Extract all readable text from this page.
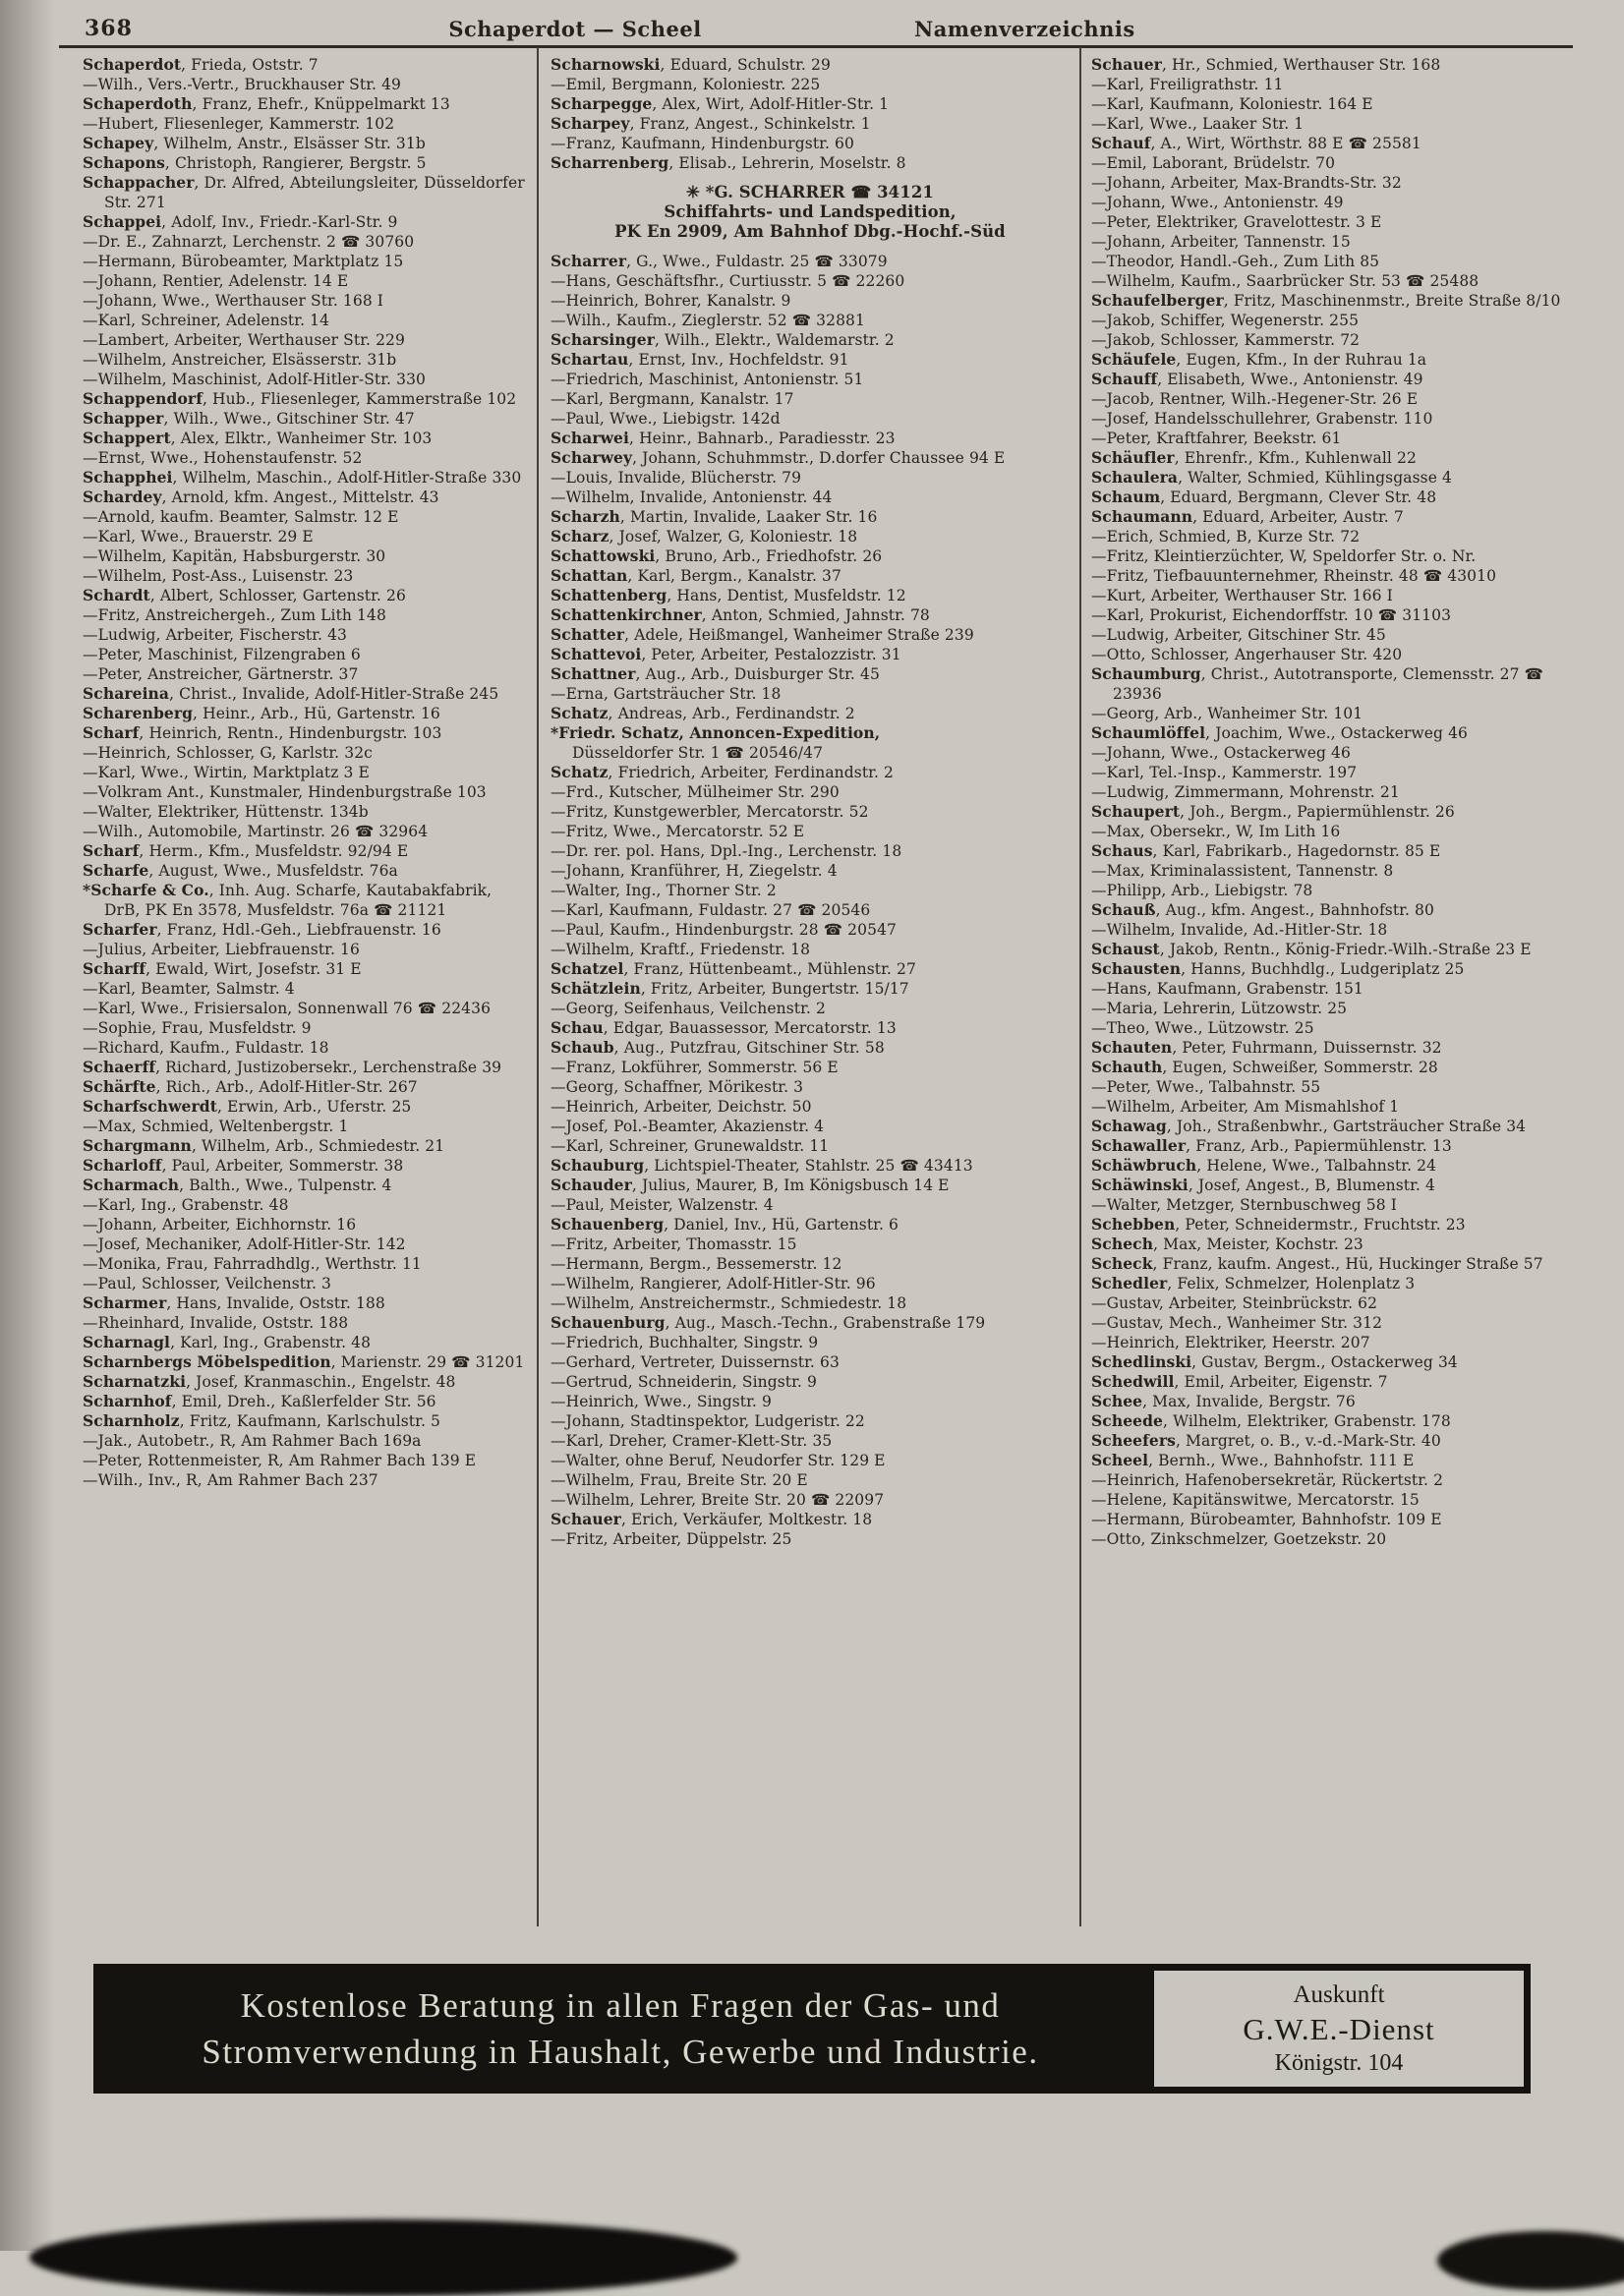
368	Schaperdot — Scheel	Namenverzeichnis
Schaperdot, Frieda, Oststr. 7
—Wilh., Vers.-Vertr., Bruckhauser Str. 49
Schaperdoth, Franz, Ehefr., Knüppelmarkt 13
—Hubert, Fliesenleger, Kammerstr. 102
Schapey, Wilhelm, Anstr., Elsässer Str. 31b
Schapons, Christoph, Rangierer, Bergstr. 5
Schappacher, Dr. Alfred, Abteilungsleiter, Düsseldorfer Str. 271
Schappei, Adolf, Inv., Friedr.-Karl-Str. 9
—Dr. E., Zahnarzt, Lerchenstr. 2 ☎ 30760
—Hermann, Bürobeamter, Marktplatz 15
—Johann, Rentier, Adelenstr. 14 E
—Johann, Wwe., Werthauser Str. 168 I
—Karl, Schreiner, Adelenstr. 14
—Lambert, Arbeiter, Werthauser Str. 229
—Wilhelm, Anstreicher, Elsässerstr. 31b
—Wilhelm, Maschinist, Adolf-Hitler-Str. 330
Schappendorf, Hub., Fliesenleger, Kammerstraße 102
Schapper, Wilh., Wwe., Gitschiner Str. 47
Schappert, Alex, Elktr., Wanheimer Str. 103
—Ernst, Wwe., Hohenstaufenstr. 52
Schapphei, Wilhelm, Maschin., Adolf-Hitler-Straße 330
Schardey, Arnold, kfm. Angest., Mittelstr. 43
—Arnold, kaufm. Beamter, Salmstr. 12 E
—Karl, Wwe., Brauerstr. 29 E
—Wilhelm, Kapitän, Habsburgerstr. 30
—Wilhelm, Post-Ass., Luisenstr. 23
Schardt, Albert, Schlosser, Gartenstr. 26
—Fritz, Anstreichergeh., Zum Lith 148
—Ludwig, Arbeiter, Fischerstr. 43
—Peter, Maschinist, Filzengraben 6
—Peter, Anstreicher, Gärtnerstr. 37
Schareina, Christ., Invalide, Adolf-Hitler-Straße 245
Scharenberg, Heinr., Arb., Hü, Gartenstr. 16
Scharf, Heinrich, Rentn., Hindenburgstr. 103
—Heinrich, Schlosser, G, Karlstr. 32c
—Karl, Wwe., Wirtin, Marktplatz 3 E
—Volkram Ant., Kunstmaler, Hindenburgstraße 103
—Walter, Elektriker, Hüttenstr. 134b
—Wilh., Automobile, Martinstr. 26 ☎ 32964
Scharf, Herm., Kfm., Musfeldstr. 92/94 E
Scharfe, August, Wwe., Musfeldstr. 76a
*Scharfe & Co., Inh. Aug. Scharfe, Kautabakfabrik, DrB, PK En 3578, Musfeldstr. 76a ☎ 21121
Scharfer, Franz, Hdl.-Geh., Liebfrauenstr. 16
—Julius, Arbeiter, Liebfrauenstr. 16
Scharff, Ewald, Wirt, Josefstr. 31 E
—Karl, Beamter, Salmstr. 4
—Karl, Wwe., Frisiersalon, Sonnenwall 76 ☎ 22436
—Sophie, Frau, Musfeldstr. 9
—Richard, Kaufm., Fuldastr. 18
Schaerff, Richard, Justizobersekr., Lerchenstraße 39
Schärfte, Rich., Arb., Adolf-Hitler-Str. 267
Scharfschwerdt, Erwin, Arb., Uferstr. 25
—Max, Schmied, Weltenbergstr. 1
Schargmann, Wilhelm, Arb., Schmiedestr. 21
Scharloff, Paul, Arbeiter, Sommerstr. 38
Scharmach, Balth., Wwe., Tulpenstr. 4
—Karl, Ing., Grabenstr. 48
—Johann, Arbeiter, Eichhornstr. 16
—Josef, Mechaniker, Adolf-Hitler-Str. 142
—Monika, Frau, Fahrradhdlg., Werthstr. 11
—Paul, Schlosser, Veilchenstr. 3
Scharmer, Hans, Invalide, Oststr. 188
—Rheinhard, Invalide, Oststr. 188
Scharnagl, Karl, Ing., Grabenstr. 48
Scharnbergs Möbelspedition, Marienstr. 29 ☎ 31201
Scharnatzki, Josef, Kranmaschin., Engelstr. 48
Scharnhof, Emil, Dreh., Kaßlerfelder Str. 56
Scharnholz, Fritz, Kaufmann, Karlschulstr. 5
—Jak., Autobetr., R, Am Rahmer Bach 169a
—Peter, Rottenmeister, R, Am Rahmer Bach 139 E
—Wilh., Inv., R, Am Rahmer Bach 237
Scharnowski, Eduard, Schulstr. 29
—Emil, Bergmann, Koloniestr. 225
Scharpegge, Alex, Wirt, Adolf-Hitler-Str. 1
Scharpey, Franz, Angest., Schinkelstr. 1
—Franz, Kaufmann, Hindenburgstr. 60
Scharrenberg, Elisab., Lehrerin, Moselstr. 8
✳ *G. SCHARRER ☎ 34121
Schiffahrts- und Landspedition,
PK En 2909, Am Bahnhof Dbg.-Hochf.-Süd
Scharrer, G., Wwe., Fuldastr. 25 ☎ 33079
—Hans, Geschäftsfhr., Curtiusstr. 5 ☎ 22260
—Heinrich, Bohrer, Kanalstr. 9
—Wilh., Kaufm., Zieglerstr. 52 ☎ 32881
Scharsinger, Wilh., Elektr., Waldemarstr. 2
Schartau, Ernst, Inv., Hochfeldstr. 91
—Friedrich, Maschinist, Antonienstr. 51
—Karl, Bergmann, Kanalstr. 17
—Paul, Wwe., Liebigstr. 142d
Scharwei, Heinr., Bahnarb., Paradiesstr. 23
Scharwey, Johann, Schuhmmstr., D.dorfer Chaussee 94 E
—Louis, Invalide, Blücherstr. 79
—Wilhelm, Invalide, Antonienstr. 44
Scharzh, Martin, Invalide, Laaker Str. 16
Scharz, Josef, Walzer, G, Koloniestr. 18
Schattowski, Bruno, Arb., Friedhofstr. 26
Schattan, Karl, Bergm., Kanalstr. 37
Schattenberg, Hans, Dentist, Musfeldstr. 12
Schattenkirchner, Anton, Schmied, Jahnstr. 78
Schatter, Adele, Heißmangel, Wanheimer Straße 239
Schattevoi, Peter, Arbeiter, Pestalozzistr. 31
Schattner, Aug., Arb., Duisburger Str. 45
—Erna, Gartsträucher Str. 18
Schatz, Andreas, Arb., Ferdinandstr. 2
*Friedr. Schatz, Annoncen-Expedition,
Düsseldorfer Str. 1 ☎ 20546/47
Schatz, Friedrich, Arbeiter, Ferdinandstr. 2
—Frd., Kutscher, Mülheimer Str. 290
—Fritz, Kunstgewerbler, Mercatorstr. 52
—Fritz, Wwe., Mercatorstr. 52 E
—Dr. rer. pol. Hans, Dpl.-Ing., Lerchenstr. 18
—Johann, Kranführer, H, Ziegelstr. 4
—Walter, Ing., Thorner Str. 2
—Karl, Kaufmann, Fuldastr. 27 ☎ 20546
—Paul, Kaufm., Hindenburgstr. 28 ☎ 20547
—Wilhelm, Kraftf., Friedenstr. 18
Schatzel, Franz, Hüttenbeamt., Mühlenstr. 27
Schätzlein, Fritz, Arbeiter, Bungertstr. 15/17
—Georg, Seifenhaus, Veilchenstr. 2
Schau, Edgar, Bauassessor, Mercatorstr. 13
Schaub, Aug., Putzfrau, Gitschiner Str. 58
—Franz, Lokführer, Sommerstr. 56 E
—Georg, Schaffner, Mörikestr. 3
—Heinrich, Arbeiter, Deichstr. 50
—Josef, Pol.-Beamter, Akazienstr. 4
—Karl, Schreiner, Grunewaldstr. 11
Schauburg, Lichtspiel-Theater, Stahlstr. 25 ☎ 43413
Schauder, Julius, Maurer, B, Im Königsbusch 14 E
—Paul, Meister, Walzenstr. 4
Schauenberg, Daniel, Inv., Hü, Gartenstr. 6
—Fritz, Arbeiter, Thomasstr. 15
—Hermann, Bergm., Bessemerstr. 12
—Wilhelm, Rangierer, Adolf-Hitler-Str. 96
—Wilhelm, Anstreichermstr., Schmiedestr. 18
Schauenburg, Aug., Masch.-Techn., Grabenstraße 179
—Friedrich, Buchhalter, Singstr. 9
—Gerhard, Vertreter, Duissernstr. 63
—Gertrud, Schneiderin, Singstr. 9
—Heinrich, Wwe., Singstr. 9
—Johann, Stadtinspektor, Ludgeristr. 22
—Karl, Dreher, Cramer-Klett-Str. 35
—Walter, ohne Beruf, Neudorfer Str. 129 E
—Wilhelm, Frau, Breite Str. 20 E
—Wilhelm, Lehrer, Breite Str. 20 ☎ 22097
Schauer, Erich, Verkäufer, Moltkestr. 18
—Fritz, Arbeiter, Düppelstr. 25
Schauer, Hr., Schmied, Werthauser Str. 168
—Karl, Freiligrathstr. 11
—Karl, Kaufmann, Koloniestr. 164 E
—Karl, Wwe., Laaker Str. 1
Schauf, A., Wirt, Wörthstr. 88 E ☎ 25581
—Emil, Laborant, Brüdelstr. 70
—Johann, Arbeiter, Max-Brandts-Str. 32
—Johann, Wwe., Antonienstr. 49
—Peter, Elektriker, Gravelottestr. 3 E
—Johann, Arbeiter, Tannenstr. 15
—Theodor, Handl.-Geh., Zum Lith 85
—Wilhelm, Kaufm., Saarbrücker Str. 53 ☎ 25488
Schaufelberger, Fritz, Maschinenmstr., Breite Straße 8/10
—Jakob, Schiffer, Wegenerstr. 255
—Jakob, Schlosser, Kammerstr. 72
Schäufele, Eugen, Kfm., In der Ruhrau 1a
Schauff, Elisabeth, Wwe., Antonienstr. 49
—Jacob, Rentner, Wilh.-Hegener-Str. 26 E
—Josef, Handelsschullehrer, Grabenstr. 110
—Peter, Kraftfahrer, Beekstr. 61
Schäufler, Ehrenfr., Kfm., Kuhlenwall 22
Schaulera, Walter, Schmied, Kühlingsgasse 4
Schaum, Eduard, Bergmann, Clever Str. 48
Schaumann, Eduard, Arbeiter, Austr. 7
—Erich, Schmied, B, Kurze Str. 72
—Fritz, Kleintierzüchter, W, Speldorfer Str. o. Nr.
—Fritz, Tiefbauunternehmer, Rheinstr. 48 ☎ 43010
—Kurt, Arbeiter, Werthauser Str. 166 I
—Karl, Prokurist, Eichendorffstr. 10 ☎ 31103
—Ludwig, Arbeiter, Gitschiner Str. 45
—Otto, Schlosser, Angerhauser Str. 420
Schaumburg, Christ., Autotransporte, Clemensstr. 27 ☎ 23936
—Georg, Arb., Wanheimer Str. 101
Schaumlöffel, Joachim, Wwe., Ostackerweg 46
—Johann, Wwe., Ostackerweg 46
—Karl, Tel.-Insp., Kammerstr. 197
—Ludwig, Zimmermann, Mohrenstr. 21
Schaupert, Joh., Bergm., Papiermühlenstr. 26
—Max, Obersekr., W, Im Lith 16
Schaus, Karl, Fabrikarb., Hagedornstr. 85 E
—Max, Kriminalassistent, Tannenstr. 8
—Philipp, Arb., Liebigstr. 78
Schauß, Aug., kfm. Angest., Bahnhofstr. 80
—Wilhelm, Invalide, Ad.-Hitler-Str. 18
Schaust, Jakob, Rentn., König-Friedr.-Wilh.-Straße 23 E
Schausten, Hanns, Buchhdlg., Ludgeriplatz 25
—Hans, Kaufmann, Grabenstr. 151
—Maria, Lehrerin, Lützowstr. 25
—Theo, Wwe., Lützowstr. 25
Schauten, Peter, Fuhrmann, Duissernstr. 32
Schauth, Eugen, Schweißer, Sommerstr. 28
—Peter, Wwe., Talbahnstr. 55
—Wilhelm, Arbeiter, Am Mismahlshof 1
Schawag, Joh., Straßenbwhr., Gartsträucher Straße 34
Schawaller, Franz, Arb., Papiermühlenstr. 13
Schäwbruch, Helene, Wwe., Talbahnstr. 24
Schäwinski, Josef, Angest., B, Blumenstr. 4
—Walter, Metzger, Sternbuschweg 58 I
Schebben, Peter, Schneidermstr., Fruchtstr. 23
Schech, Max, Meister, Kochstr. 23
Scheck, Franz, kaufm. Angest., Hü, Huckinger Straße 57
Schedler, Felix, Schmelzer, Holenplatz 3
—Gustav, Arbeiter, Steinbrückstr. 62
—Gustav, Mech., Wanheimer Str. 312
—Heinrich, Elektriker, Heerstr. 207
Schedlinski, Gustav, Bergm., Ostackerweg 34
Schedwill, Emil, Arbeiter, Eigenstr. 7
Schee, Max, Invalide, Bergstr. 76
Scheede, Wilhelm, Elektriker, Grabenstr. 178
Scheefers, Margret, o. B., v.-d.-Mark-Str. 40
Scheel, Bernh., Wwe., Bahnhofstr. 111 E
—Heinrich, Hafenobersekretär, Rückertstr. 2
—Helene, Kapitänswitwe, Mercatorstr. 15
—Hermann, Bürobeamter, Bahnhofstr. 109 E
—Otto, Zinkschmelzer, Goetzekstr. 20
Kostenlose Beratung in allen Fragen der Gas- und
Stromverwendung in Haushalt, Gewerbe und Industrie.
Auskunft
G.W.E.-Dienst
Königstr. 104
